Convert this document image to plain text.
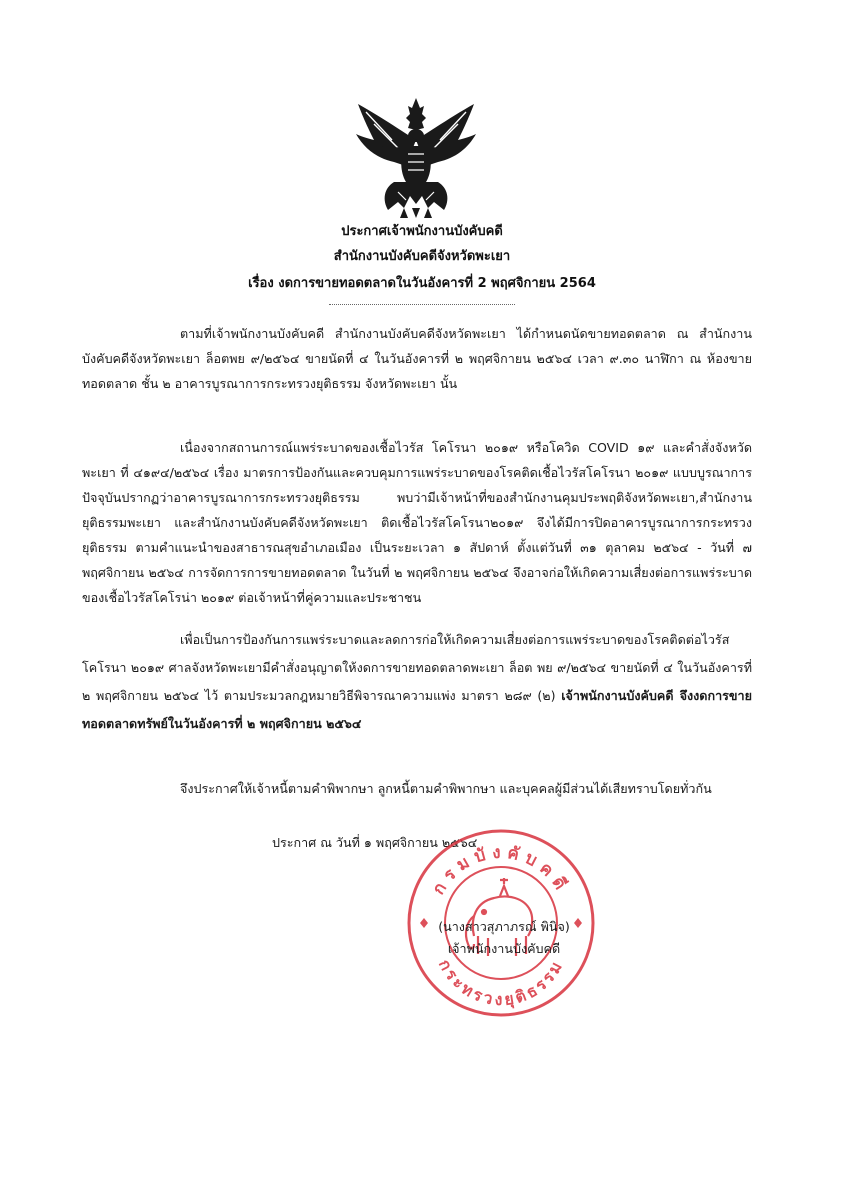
ประกาศเจ้าพนักงานบังคับคดี
สำนักงานบังคับคดีจังหวัดพะเยา
เรื่อง งดการขายทอดตลาดในวันอังคารที่ 2 พฤศจิกายน 2564

ตามที่เจ้าพนักงานบังคับคดี สำนักงานบังคับคดีจังหวัดพะเยา ได้กำหนดนัดขายทอดตลาด ณ สำนักงานบังคับคดีจังหวัดพะเยา ล็อตพย ๙/๒๕๖๔ ขายนัดที่ ๔ ในวันอังคารที่ ๒ พฤศจิกายน ๒๕๖๔ เวลา ๙.๓๐ นาฬิกา ณ ห้องขายทอดตลาด ชั้น ๒ อาคารบูรณาการกระทรวงยุติธรรม จังหวัดพะเยา นั้น

เนื่องจากสถานการณ์แพร่ระบาดของเชื้อไวรัส โคโรนา ๒๐๑๙ หรือโควิด COVID ๑๙ และคำสั่งจังหวัดพะเยา ที่ ๔๑๙๔/๒๕๖๔ เรื่อง มาตรการป้องกันและควบคุมการแพร่ระบาดของโรคติดเชื้อไวรัสโคโรนา ๒๐๑๙ แบบบูรณาการ ปัจจุบันปรากฏว่าอาคารบูรณาการกระทรวงยุติธรรม พบว่ามีเจ้าหน้าที่ของสำนักงานคุมประพฤติจังหวัดพะเยา,สำนักงานยุติธรรมพะเยา และสำนักงานบังคับคดีจังหวัดพะเยา ติดเชื้อไวรัสโคโรนา๒๐๑๙ จึงได้มีการปิดอาคารบูรณาการกระทรวงยุติธรรม ตามคำแนะนำของสาธารณสุขอำเภอเมือง เป็นระยะเวลา ๑ สัปดาห์ ตั้งแต่วันที่ ๓๑ ตุลาคม ๒๕๖๔ - วันที่ ๗ พฤศจิกายน ๒๕๖๔ การจัดการการขายทอดตลาด ในวันที่ ๒ พฤศจิกายน ๒๕๖๔ จึงอาจก่อให้เกิดความเสี่ยงต่อการแพร่ระบาดของเชื้อไวรัสโคโรน่า ๒๐๑๙ ต่อเจ้าหน้าที่คู่ความและประชาชน

เพื่อเป็นการป้องกันการแพร่ระบาดและลดการก่อให้เกิดความเสี่ยงต่อการแพร่ระบาดของโรคติดต่อไวรัสโคโรนา ๒๐๑๙ ศาลจังหวัดพะเยามีคำสั่งอนุญาตให้งดการขายทอดตลาดพะเยา ล็อต พย ๙/๒๕๖๔ ขายนัดที่ ๔ ในวันอังคารที่ ๒ พฤศจิกายน ๒๕๖๔ ไว้ ตามประมวลกฎหมายวิธีพิจารณาความแพ่ง มาตรา ๒๘๙ (๒) เจ้าพนักงานบังคับคดี จึงงดการขายทอดตลาดทรัพย์ในวันอังคารที่ ๒ พฤศจิกายน ๒๕๖๔

จึงประกาศให้เจ้าหนี้ตามคำพิพากษา ลูกหนี้ตามคำพิพากษา และบุคคลผู้มีส่วนได้เสียทราบโดยทั่วกัน

ประกาศ ณ วันที่ ๑ พฤศจิกายน ๒๕๖๔
กรมบังคับคดี
กระทรวงยุติธรรม
(นางสาวสุภาภรณ์ พินิจ)
เจ้าพนักงานบังคับคดี
